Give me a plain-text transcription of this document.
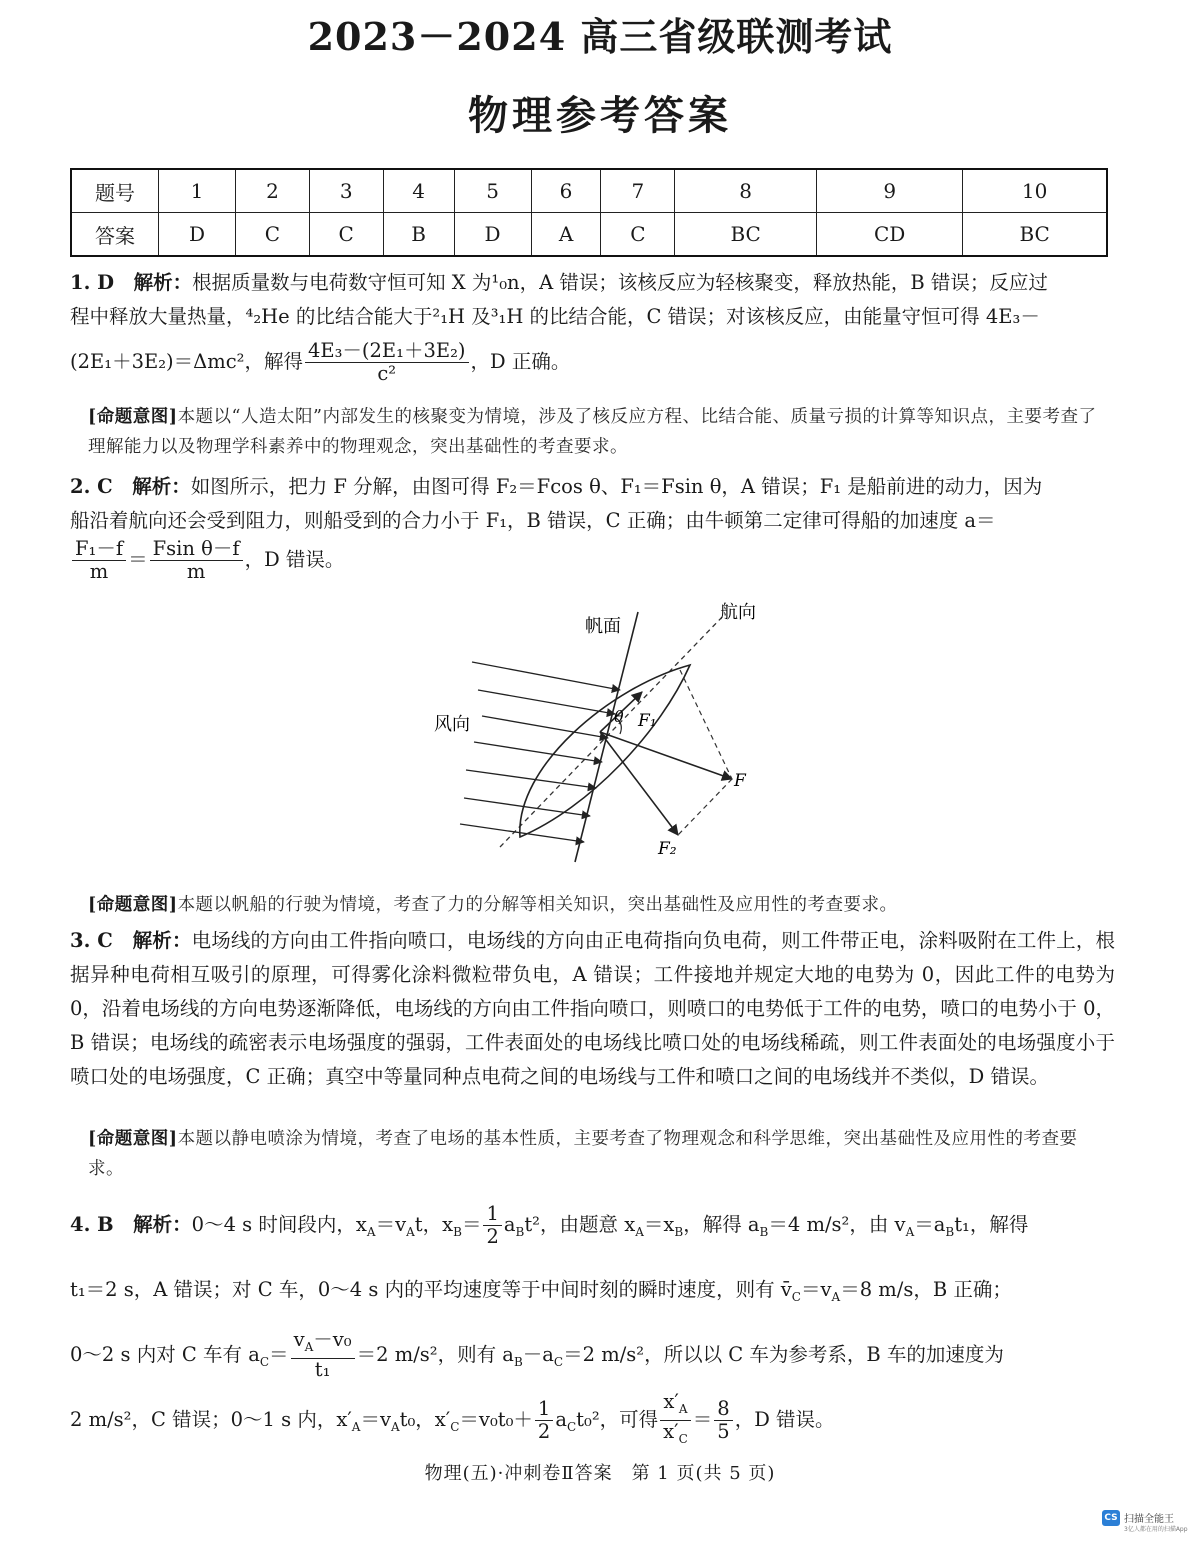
2023－2024 高三省级联测考试
物理参考答案
题号	1	2	3	4	5	6	7	8	9	10
答案	D	C	C	B	D	A	C	BC	CD	BC
1. D　 解析：根据质量数与电荷数守恒可知 X 为¹₀n，A 错误；该核反应为轻核聚变，释放热能，B 错误；反应过
程中释放大量热量，⁴₂He 的比结合能大于²₁H 及³₁H 的比结合能，C 错误；对该核反应，由能量守恒可得 4E₃－
(2E₁＋3E₂)＝Δmc²，解得 $\frac{\text{4E₃－(2E₁＋3E₂)}}{\text{c²}}$ ，D 正确。
[命题意图]本题以“人造太阳”内部发生的核聚变为情境，涉及了核反应方程、比结合能、质量亏损的计算等知识点，主要考查了理解能力以及物理学科素养中的物理观念，突出基础性的考查要求。
2. C　 解析：如图所示，把力 F 分解，由图可得 F₂＝Fcos θ、F₁＝Fsin θ，A 错误；F₁ 是船前进的动力，因为
船沿着航向还会受到阻力，则船受到的合力小于 F₁，B 错误，C 正确；由牛顿第二定律可得船的加速度 a＝
$\frac{\text{F₁－f}}{m} = \frac{\text{Fsin θ－f}}{m}$ ，D 错误。
帆面
航向
风向	θ F₁
F
F₂
[命题意图]本题以帆船的行驶为情境，考查了力的分解等相关知识，突出基础性及应用性的考查要求。
3. C　 解析：电场线的方向由工件指向喷口，电场线的方向由正电荷指向负电荷，则工件带正电，涂料吸附在工件上，根据异种电荷相互吸引的原理，可得雾化涂料微粒带负电，A 错误；工件接地并规定大地的电势为 0，因此工件的电势为 0，沿着电场线的方向电势逐渐降低，电场线的方向由工件指向喷口，则喷口的电势低于工件的电势，喷口的电势小于 0，B 错误；电场线的疏密表示电场强度的强弱，工件表面处的电场线比喷口处的电场线稀疏，则工件表面处的电场强度小于喷口处的电场强度，C 正确；真空中等量同种点电荷之间的电场线与工件和喷口之间的电场线并不类似，D 错误。
[命题意图]本题以静电喷涂为情境，考查了电场的基本性质，主要考查了物理观念和科学思维，突出基础性及应用性的考查要求。
4. B　 解析：0～4 s 时间段内，$x_A=v_At$，$x_B= \frac{1}{2} a_Bt^2$，由题意 $x_A=x_B$，解得 $a_B=4$ m/s²，由 $v_A=a_Bt_1$，解得
t₁＝2 s，A 错误；对 C 车，0～4 s 内的平均速度等于中间时刻的瞬时速度，则有 $v̄_C=v_A=8$ m/s，B 正确；
0～2 s 内对 C 车有 $a_C= \frac{v_A-v_0}{\text{t₁}} =2$ m/s²，则有 $a_B-a_C=2$ m/s²，所以以 C 车为参考系，B 车的加速度为
2 m/s²，C 错误；0～1 s 内，$x'_A=v_At_0$，$x'_C=v_0t_0+ \frac{1}{2} a_Ct_0^2$，可得 $\frac{x'_A}{x'_C} = \frac{8}{5}$ ，D 错误。
物理(五)·冲刺卷Ⅱ答案　第 1 页(共 5 页)
CS 扫描全能王
3亿人都在用的扫描App
